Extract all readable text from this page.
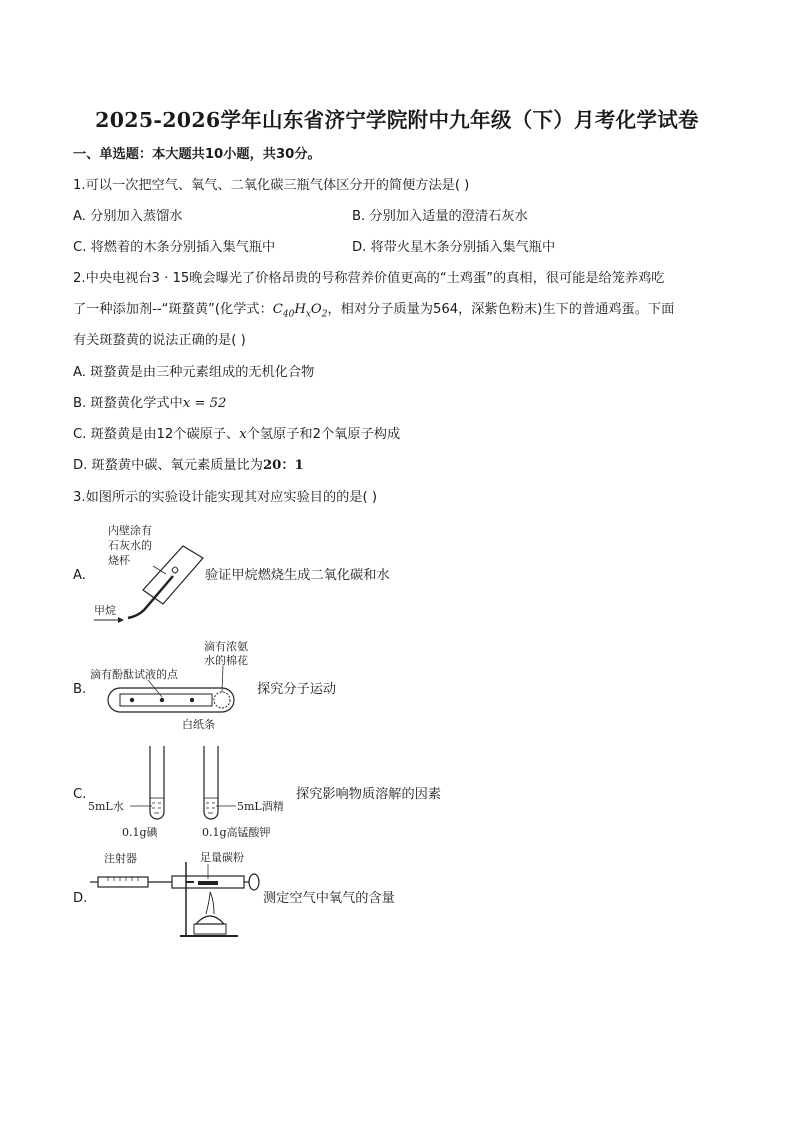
2025-2026学年山东省济宁学院附中九年级（下）月考化学试卷
一、单选题：本大题共10小题，共30分。
1.可以一次把空气、氧气、二氧化碳三瓶气体区分开的简便方法是( )
A. 分别加入蒸馏水	B. 分别加入适量的澄清石灰水
C. 将燃着的木条分别插入集气瓶中	D. 将带火星木条分别插入集气瓶中
2.中央电视台3 · 15晚会曝光了价格昂贵的号称营养价值更高的“土鸡蛋”的真相，很可能是给笼养鸡吃
了一种添加剂--“斑蝥黄”(化学式：$C_{40}H_xO_2$，相对分子质量为564，深紫色粉末)生下的普通鸡蛋。下面
有关斑蝥黄的说法正确的是( )
A. 斑蝥黄是由三种元素组成的无机化合物
B. 斑蝥黄化学式中x = 52
C. 斑蝥黄是由12个碳原子、x个氢原子和2个氧原子构成
D. 斑蝥黄中碳、氧元素质量比为20：1
3.如图所示的实验设计能实现其对应实验目的的是( )
A.
内壁涂有
石灰水的
烧杯
甲烷
验证甲烷燃烧生成二氧化碳和水
B.
滴有浓氨
水的棉花
滴有酚酞试液的点
白纸条
探究分子运动
C.
5mL水	5mL酒精
0.1g碘	0.1g高锰酸钾
探究影响物质溶解的因素
D.
注射器	足量碳粉
测定空气中氧气的含量
